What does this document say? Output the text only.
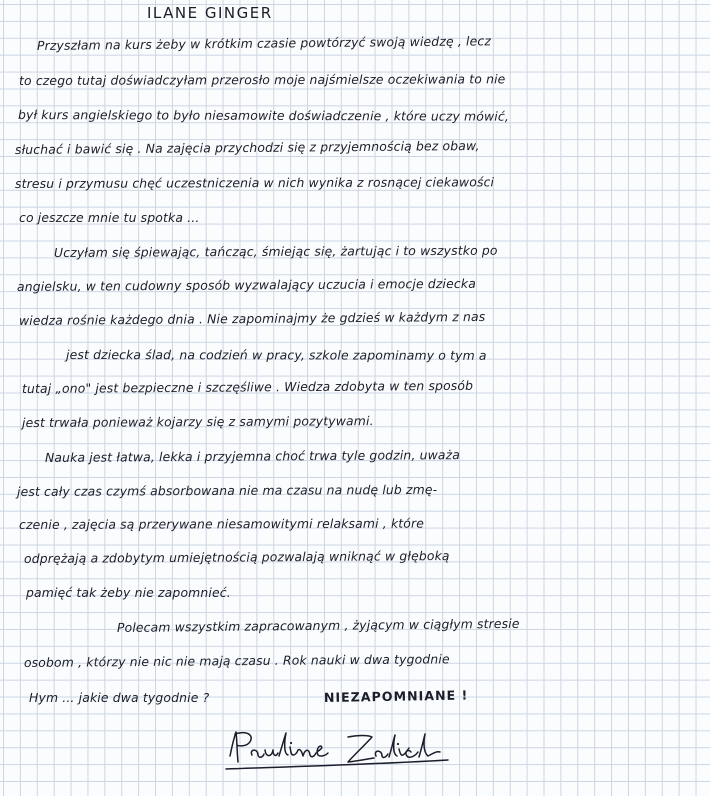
ILANE GINGER
Przyszłam na kurs żeby w krótkim czasie powtórzyć swoją wiedzę , lecz
to czego tutaj doświadczyłam przerosło moje najśmielsze oczekiwania to nie
był kurs angielskiego to było niesamowite doświadczenie , które uczy mówić,
słuchać i bawić się . Na zajęcia przychodzi się z przyjemnością bez obaw,
stresu i przymusu chęć uczestniczenia w nich wynika z rosnącej ciekawości
co jeszcze mnie tu spotka ...
Uczyłam się śpiewając, tańcząc, śmiejąc się, żartując i to wszystko po
angielsku, w ten cudowny sposób wyzwalający uczucia i emocje dziecka
wiedza rośnie każdego dnia . Nie zapominajmy że gdzieś w każdym z nas
jest dziecka ślad, na codzień w pracy, szkole zapominamy o tym a
tutaj „ono" jest bezpieczne i szczęśliwe . Wiedza zdobyta w ten sposób
jest trwała ponieważ kojarzy się z samymi pozytywami.
Nauka jest łatwa, lekka i przyjemna choć trwa tyle godzin, uważa
jest cały czas czymś absorbowana nie ma czasu na nudę lub zmę-
czenie , zajęcia są przerywane niesamowitymi relaksami , które
odprężają a zdobytym umiejętnością pozwalają wniknąć w głęboką
pamięć tak żeby nie zapomnieć.
Polecam wszystkim zapracowanym , żyjącym w ciągłym stresie
osobom , którzy nie nic nie mają czasu . Rok nauki w dwa tygodnie
Hym ... jakie dwa tygodnie ?	NIEZAPOMNIANE !
